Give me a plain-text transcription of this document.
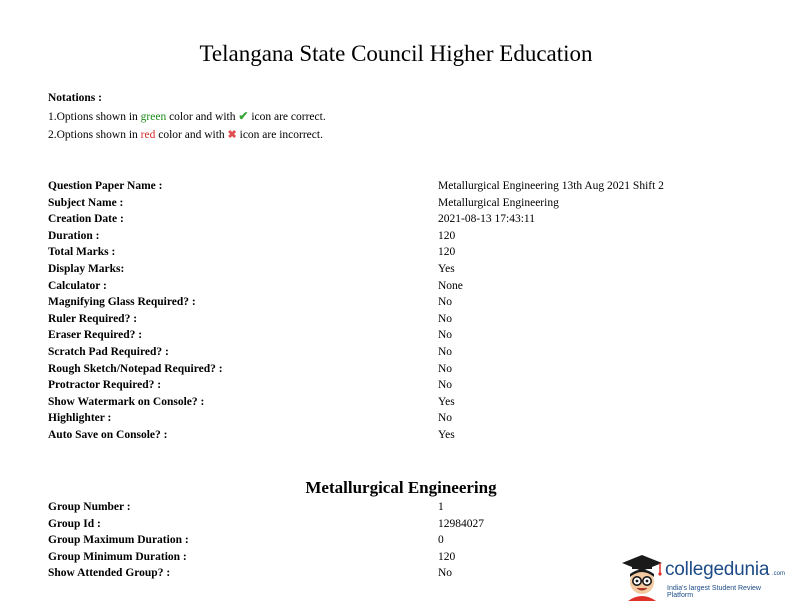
Telangana State Council Higher Education
Notations :
1.Options shown in green color and with ✔ icon are correct.
2.Options shown in red color and with ✖ icon are incorrect.
Question Paper Name :	Metallurgical Engineering 13th Aug 2021 Shift 2
Subject Name :	Metallurgical Engineering
Creation Date :	2021-08-13 17:43:11
Duration :	120
Total Marks :	120
Display Marks:	Yes
Calculator :	None
Magnifying Glass Required? :	No
Ruler Required? :	No
Eraser Required? :	No
Scratch Pad Required? :	No
Rough Sketch/Notepad Required? :	No
Protractor Required? :	No
Show Watermark on Console? :	Yes
Highlighter :	No
Auto Save on Console? :	Yes
Metallurgical Engineering
Group Number :	1
Group Id :	12984027
Group Maximum Duration :	0
Group Minimum Duration :	120
Show Attended Group? :	No	collegedunia .com
India's largest Student Review Platform
